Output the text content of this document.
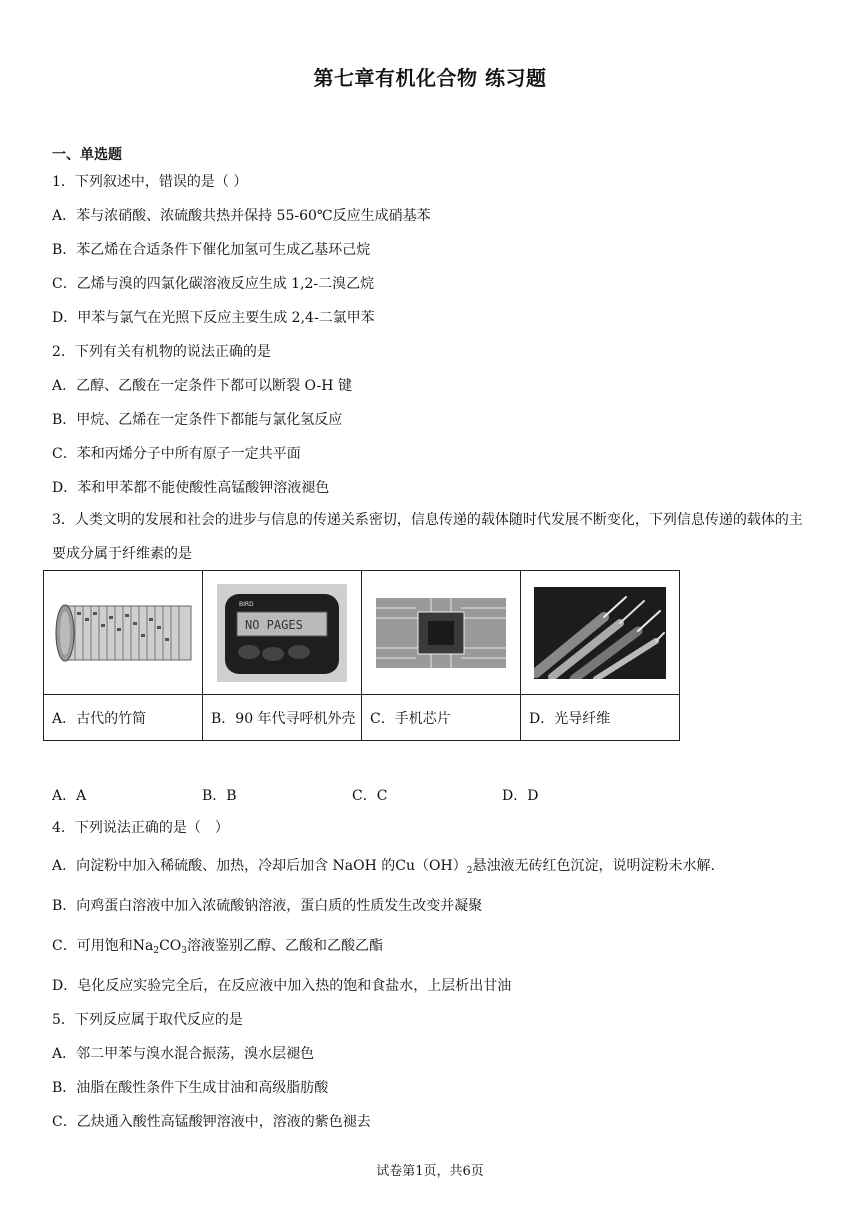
第七章有机化合物 练习题
一、单选题
1．下列叙述中，错误的是（ ）
A．苯与浓硝酸、浓硫酸共热并保持 55-60℃反应生成硝基苯
B．苯乙烯在合适条件下催化加氢可生成乙基环己烷
C．乙烯与溴的四氯化碳溶液反应生成 1,2-二溴乙烷
D．甲苯与氯气在光照下反应主要生成 2,4-二氯甲苯
2．下列有关有机物的说法正确的是
A．乙醇、乙酸在一定条件下都可以断裂 O-H 键
B．甲烷、乙烯在一定条件下都能与氯化氢反应
C．苯和丙烯分子中所有原子一定共平面
D．苯和甲苯都不能使酸性高锰酸钾溶液褪色
3．人类文明的发展和社会的进步与信息的传递关系密切，信息传递的载体随时代发展不断变化，下列信息传递的载体的主要成分属于纤维素的是

BIRD
NO PAGES

A．古代的竹简	B．90 年代寻呼机外壳	C．手机芯片	D．光导纤维
A．A	B．B	C．C	D．D
4．下列说法正确的是（　）
A．向淀粉中加入稀硫酸、加热，冷却后加含 NaOH 的$Cu(OH)_2$悬浊液无砖红色沉淀，说明淀粉未水解.
B．向鸡蛋白溶液中加入浓硫酸钠溶液，蛋白质的性质发生改变并凝聚
C．可用饱和$Na_2CO_3$溶液鉴别乙醇、乙酸和乙酸乙酯
D．皂化反应实验完全后，在反应液中加入热的饱和食盐水，上层析出甘油
5．下列反应属于取代反应的是
A．邻二甲苯与溴水混合振荡，溴水层褪色
B．油脂在酸性条件下生成甘油和高级脂肪酸
C．乙炔通入酸性高锰酸钾溶液中，溶液的紫色褪去
试卷第1页，共6页
